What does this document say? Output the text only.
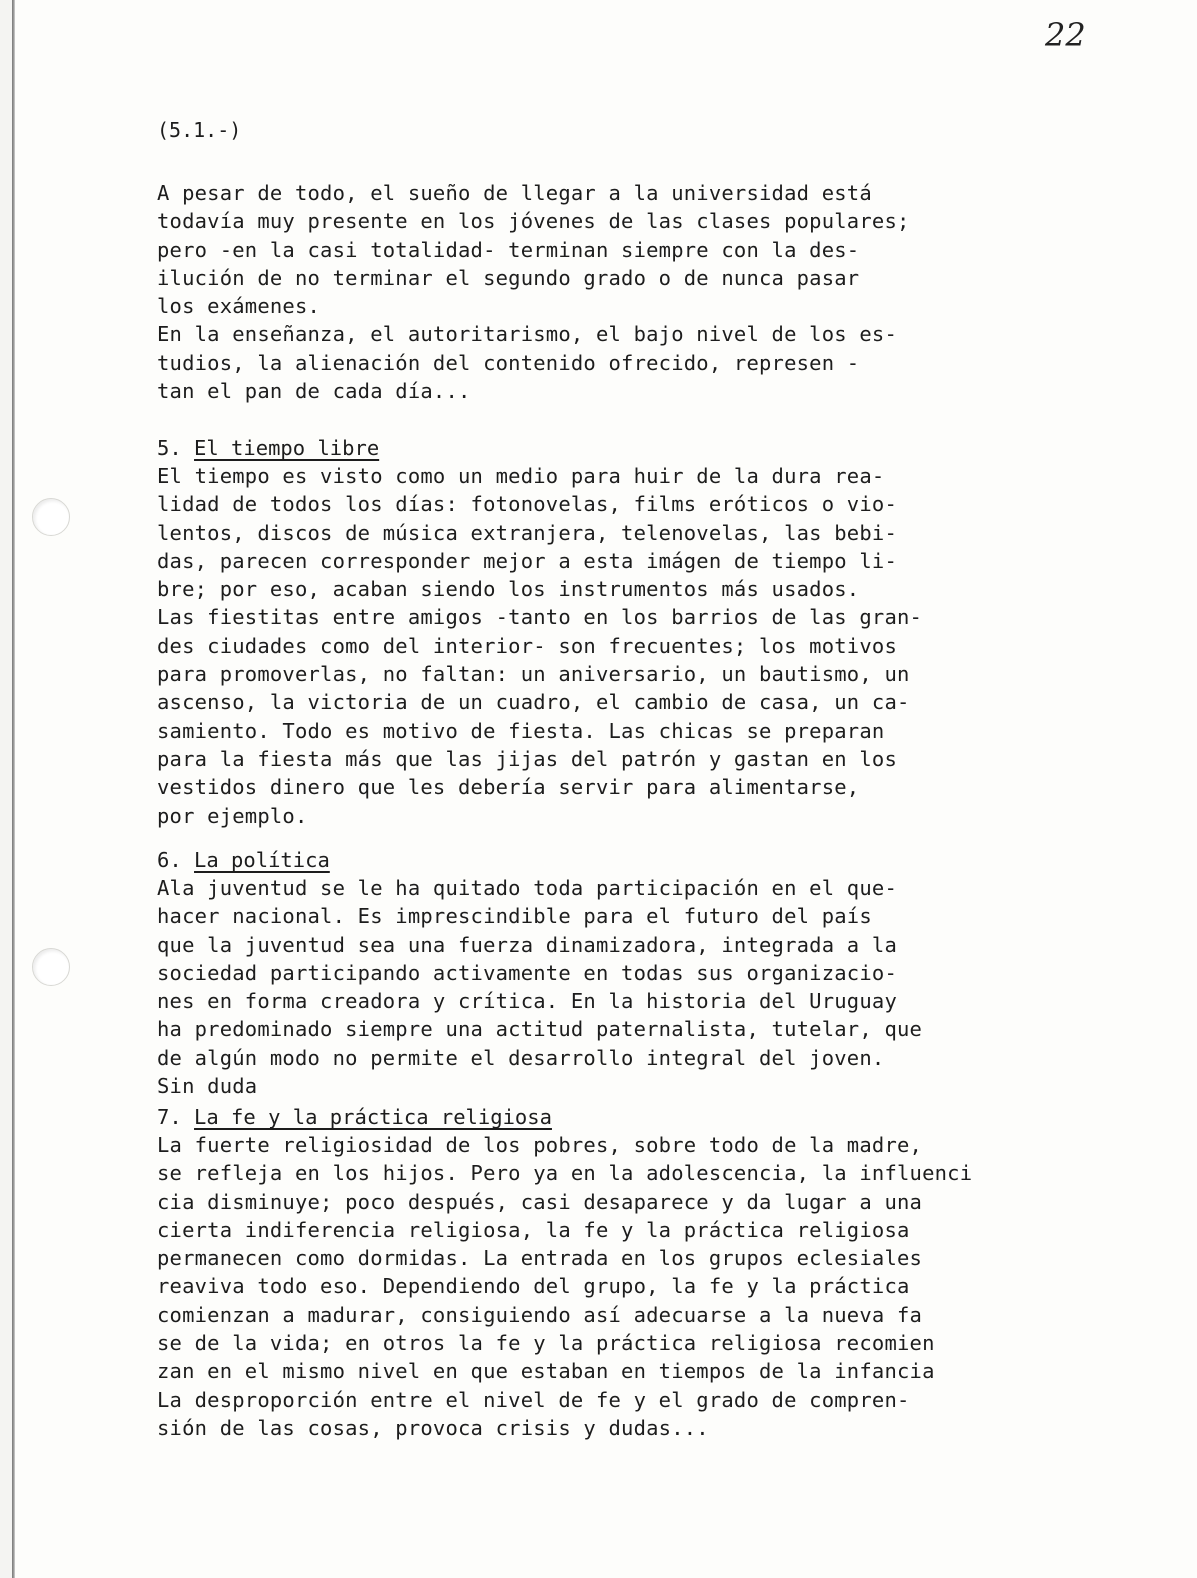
22
(5.1.-)
A pesar de todo, el sueño de llegar a la universidad está
todavía muy presente en los jóvenes de las clases populares;
pero -en la casi totalidad- terminan siempre con la des-
ilución de no terminar el segundo grado o de nunca pasar
los exámenes.
En la enseñanza, el autoritarismo, el bajo nivel de los es-
tudios, la alienación del contenido ofrecido, represen -
tan el pan de cada día...
5. El tiempo libre
El tiempo es visto como un medio para huir de la dura rea-
lidad de todos los días: fotonovelas, films eróticos o vio-
lentos, discos de música extranjera, telenovelas, las bebi-
das, parecen corresponder mejor a esta imágen de tiempo li-
bre; por eso, acaban siendo los instrumentos más usados.
Las fiestitas entre amigos -tanto en los barrios de las gran-
des ciudades como del interior- son frecuentes; los motivos
para promoverlas, no faltan: un aniversario, un bautismo, un
ascenso, la victoria de un cuadro, el cambio de casa, un ca-
samiento. Todo es motivo de fiesta. Las chicas se preparan
para la fiesta más que las jijas del patrón y gastan en los
vestidos dinero que les debería servir para alimentarse,
por ejemplo.
6. La política
Ala juventud se le ha quitado toda participación en el que-
hacer nacional. Es imprescindible para el futuro del país
que la juventud sea una fuerza dinamizadora, integrada a la
sociedad participando activamente en todas sus organizacio-
nes en forma creadora y crítica. En la historia del Uruguay
ha predominado siempre una actitud paternalista, tutelar, que
de algún modo no permite el desarrollo integral del joven.
Sin duda
7. La fe y la práctica religiosa
La fuerte religiosidad de los pobres, sobre todo de la madre,
se refleja en los hijos. Pero ya en la adolescencia, la influenci
cia disminuye; poco después, casi desaparece y da lugar a una
cierta indiferencia religiosa, la fe y la práctica religiosa
permanecen como dormidas. La entrada en los grupos eclesiales
reaviva todo eso. Dependiendo del grupo, la fe y la práctica
comienzan a madurar, consiguiendo así adecuarse a la nueva fa
se de la vida; en otros la fe y la práctica religiosa recomien
zan en el mismo nivel en que estaban en tiempos de la infancia
La desproporción entre el nivel de fe y el grado de compren-
sión de las cosas, provoca crisis y dudas...
